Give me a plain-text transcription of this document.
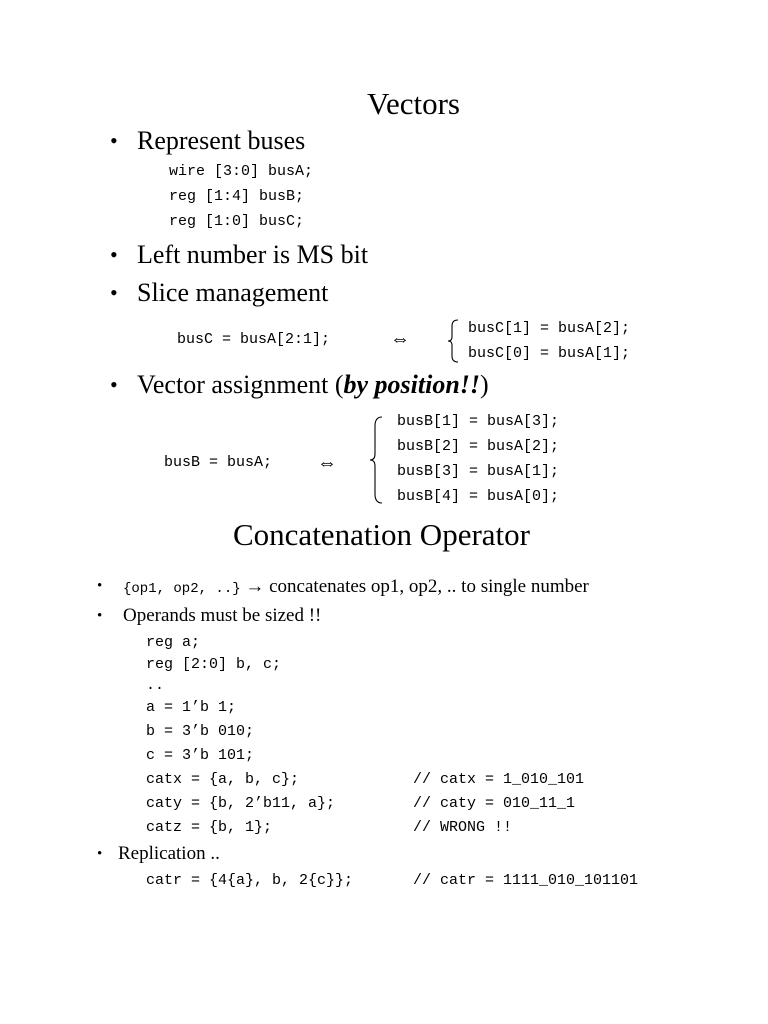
Vectors
• Represent buses
wire [3:0] busA;
reg [1:4] busB;
reg [1:0] busC;
• Left number is MS bit
• Slice management
busC = busA[2:1];	⇔	busC[1] = busA[2];
busC[0] = busA[1];
• Vector assignment (by position!!)
busB = busA; ⇔
busB[1] = busA[3];
busB[2] = busA[2];
busB[3] = busA[1];
busB[4] = busA[0];
Concatenation Operator
• {op1, op2, ..} → concatenates op1, op2, .. to single number
• Operands must be sized !!
reg a;
reg [2:0] b, c;
..
a = 1’b 1;
b = 3’b 010;
c = 3’b 101;
catx = {a, b, c};	// catx = 1_010_101
caty = {b, 2’b11, a};	// caty = 010_11_1
catz = {b, 1};	// WRONG !!
• Replication ..
catr = {4{a}, b, 2{c}};	// catr = 1111_010_101101
